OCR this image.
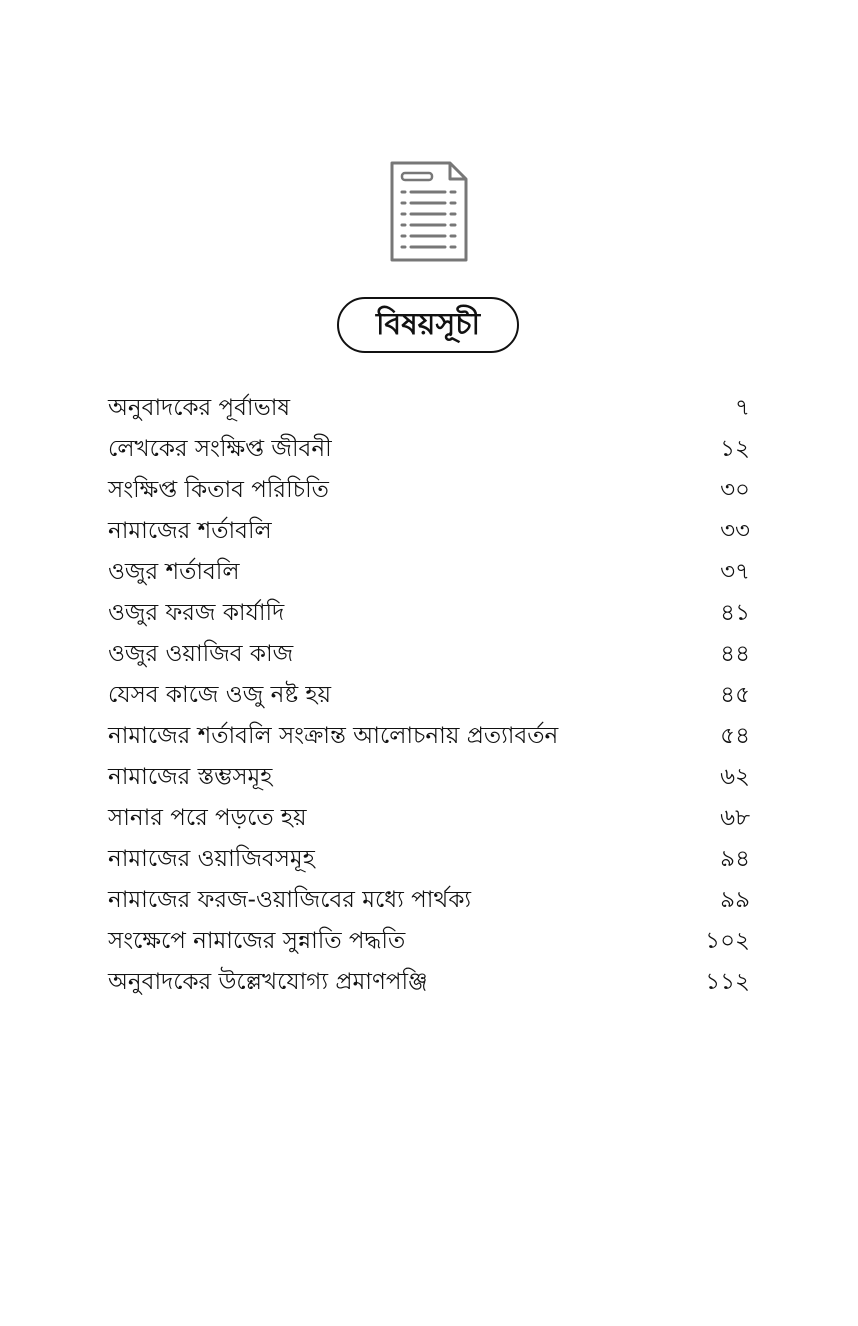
বিষয়সূচী
অনুবাদকের পূর্বাভাষ	৭
লেখকের সংক্ষিপ্ত জীবনী	১২
সংক্ষিপ্ত কিতাব পরিচিতি	৩০
নামাজের শর্তাবলি	৩৩
ওজুর শর্তাবলি	৩৭
ওজুর ফরজ কার্যাদি	৪১
ওজুর ওয়াজিব কাজ	৪৪
যেসব কাজে ওজু নষ্ট হয়	৪৫
নামাজের শর্তাবলি সংক্রান্ত আলোচনায় প্রত্যাবর্তন	৫৪
নামাজের স্তম্ভসমূহ	৬২
সানার পরে পড়তে হয়	৬৮
নামাজের ওয়াজিবসমূহ	৯৪
নামাজের ফরজ-ওয়াজিবের মধ্যে পার্থক্য	৯৯
সংক্ষেপে নামাজের সুন্নাতি পদ্ধতি	১০২
অনুবাদকের উল্লেখযোগ্য প্রমাণপঞ্জি	১১২
